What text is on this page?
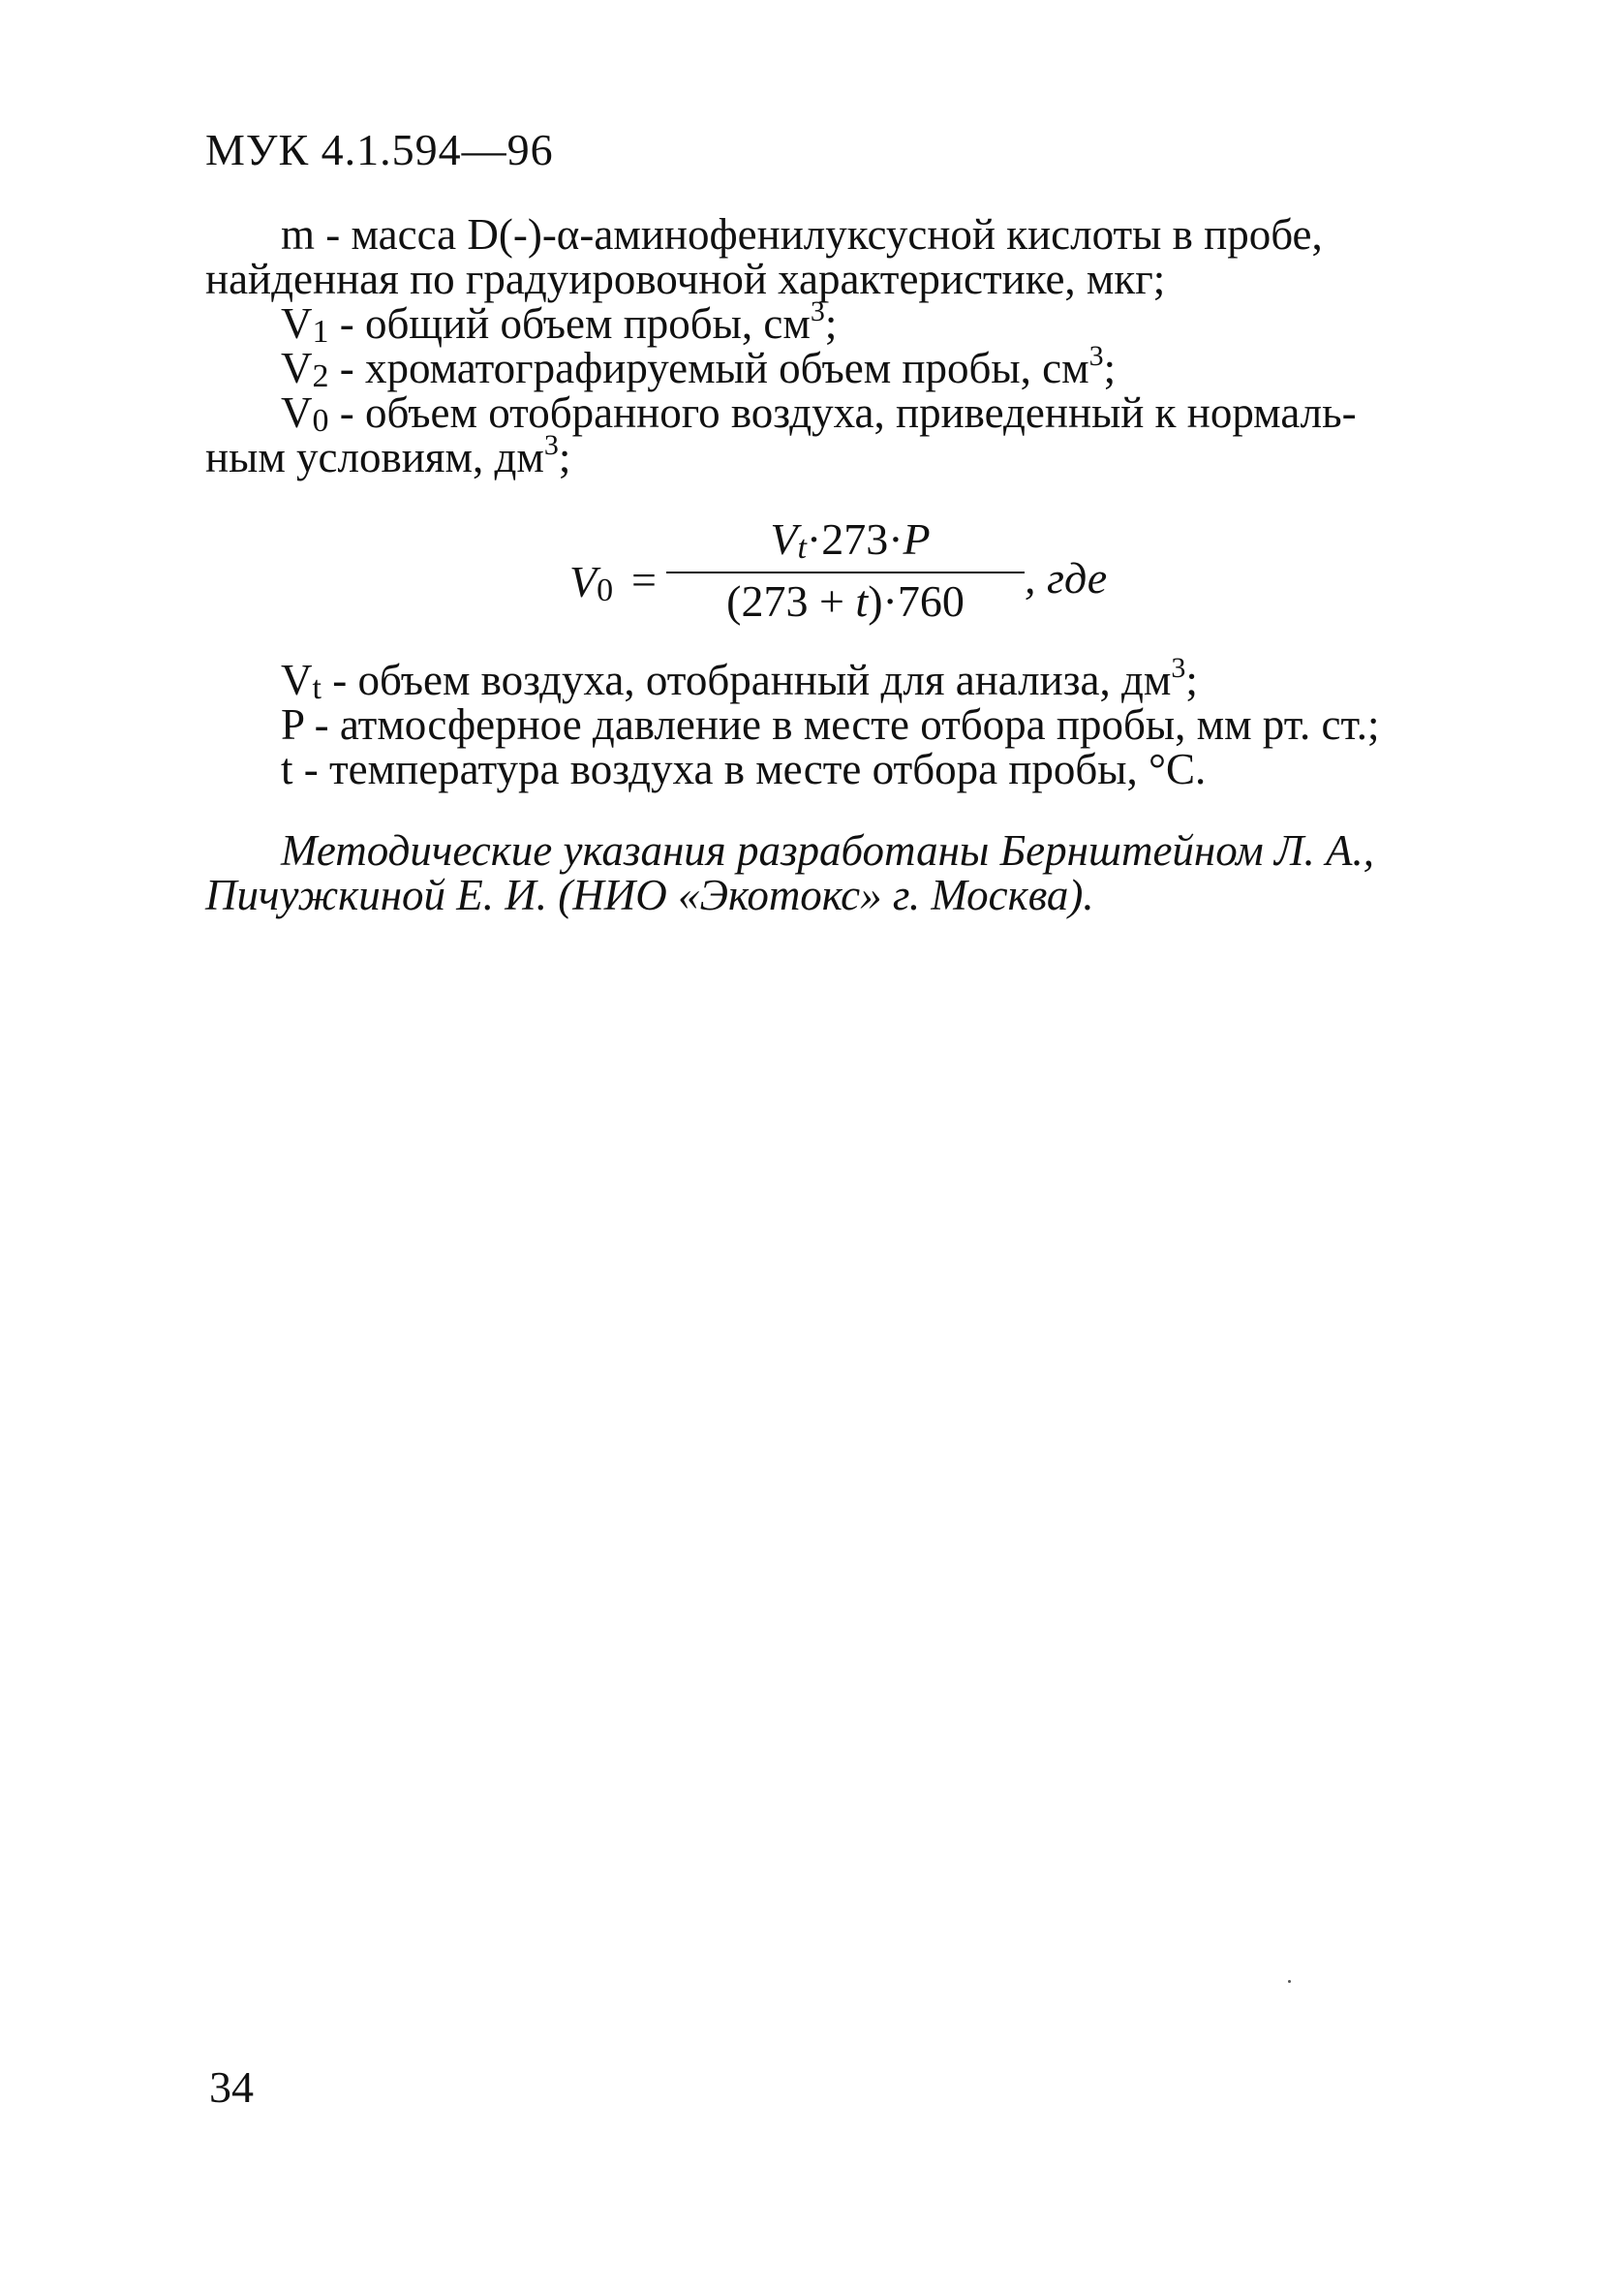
МУК 4.1.594—96
m - масса D(-)-α-аминофенилуксусной кислоты в пробе,
найденная по градуировочной характеристике, мкг;
$V_1$ - общий объем пробы, $см^3$;
$V_2$ - хроматографируемый объем пробы, $см^3$;
$V_0$ - объем отобранного воздуха, приведенный к нормаль-
ным условиям, $дм^3$;
$V_0$ =
$V_t\cdot 273\cdot P$
(273 + t)·760	, где
$V_t$ - объем воздуха, отобранный для анализа, $дм^3$;
P - атмосферное давление в месте отбора пробы, мм рт. ст.;
t - температура воздуха в месте отбора пробы, °С.
Методические указания разработаны Бернштейном Л. А.,
Пичужкиной Е. И. (НИО «Экотокс» г. Москва).
34
